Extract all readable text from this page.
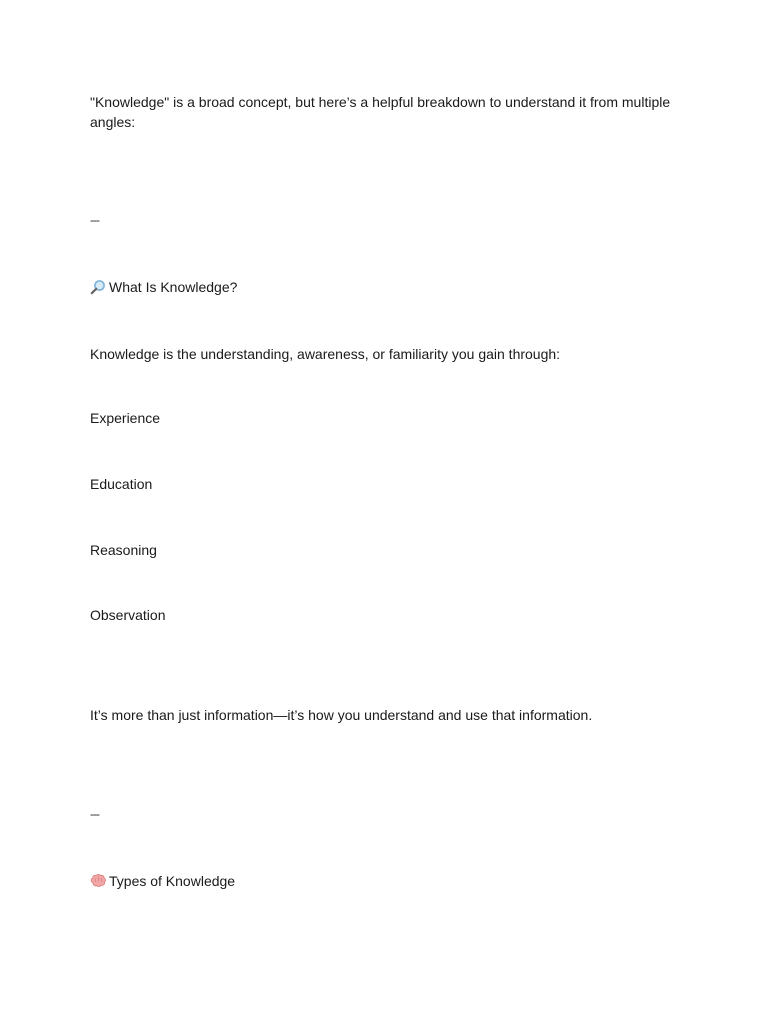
"Knowledge" is a broad concept, but here’s a helpful breakdown to understand it from multiple angles:
---
What Is Knowledge?
Knowledge is the understanding, awareness, or familiarity you gain through:
Experience
Education
Reasoning
Observation
It’s more than just information—it’s how you understand and use that information.
---
Types of Knowledge
